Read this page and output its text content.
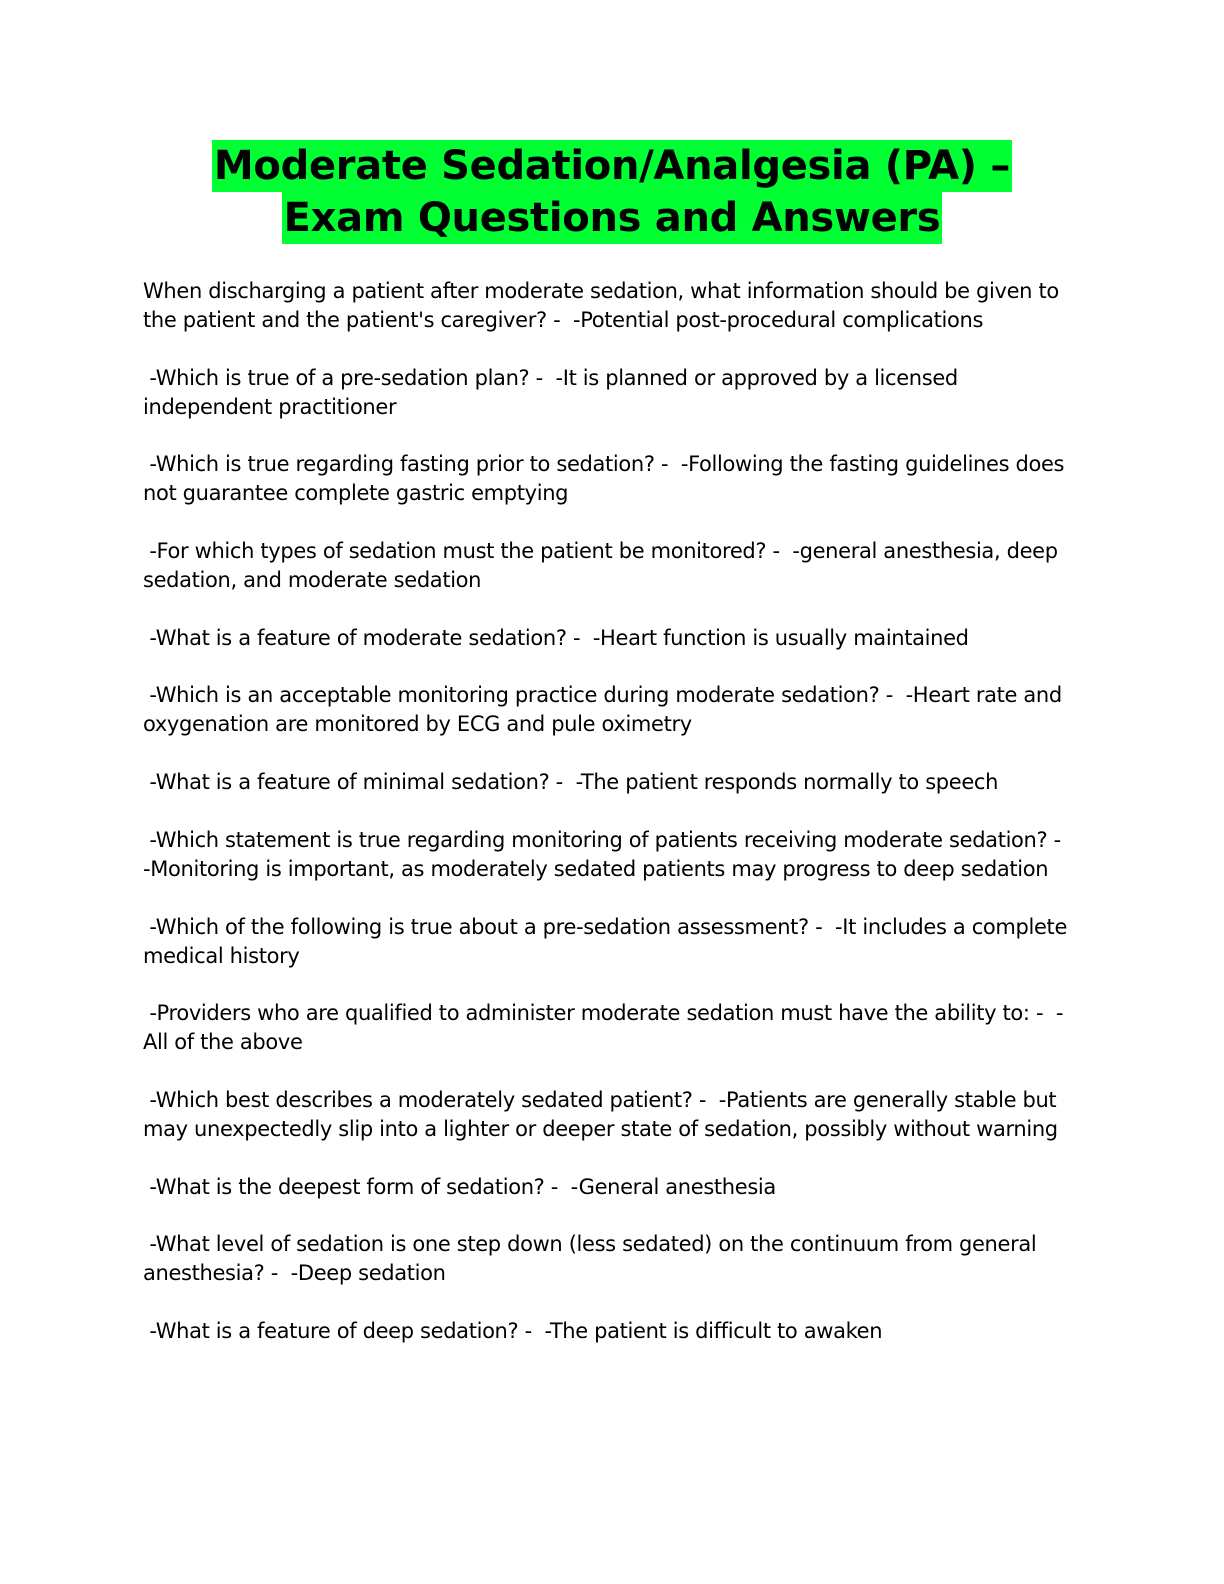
Moderate Sedation/Analgesia (PA) –
Exam Questions and Answers
When discharging a patient after moderate sedation, what information should be given to the patient and the patient's caregiver? -  -Potential post-procedural complications
-Which is true of a pre-sedation plan? -  -It is planned or approved by a licensed independent practitioner
-Which is true regarding fasting prior to sedation? -  -Following the fasting guidelines does not guarantee complete gastric emptying
-For which types of sedation must the patient be monitored? -  -general anesthesia, deep sedation, and moderate sedation
-What is a feature of moderate sedation? -  -Heart function is usually maintained
-Which is an acceptable monitoring practice during moderate sedation? -  -Heart rate and oxygenation are monitored by ECG and pule oximetry
-What is a feature of minimal sedation? -  -The patient responds normally to speech
-Which statement is true regarding monitoring of patients receiving moderate sedation? -  -Monitoring is important, as moderately sedated patients may progress to deep sedation
-Which of the following is true about a pre-sedation assessment? -  -It includes a complete medical history
-Providers who are qualified to administer moderate sedation must have the ability to: -  -All of the above
-Which best describes a moderately sedated patient? -  -Patients are generally stable but may unexpectedly slip into a lighter or deeper state of sedation, possibly without warning
-What is the deepest form of sedation? -  -General anesthesia
-What level of sedation is one step down (less sedated) on the continuum from general anesthesia? -  -Deep sedation
-What is a feature of deep sedation? -  -The patient is difficult to awaken
